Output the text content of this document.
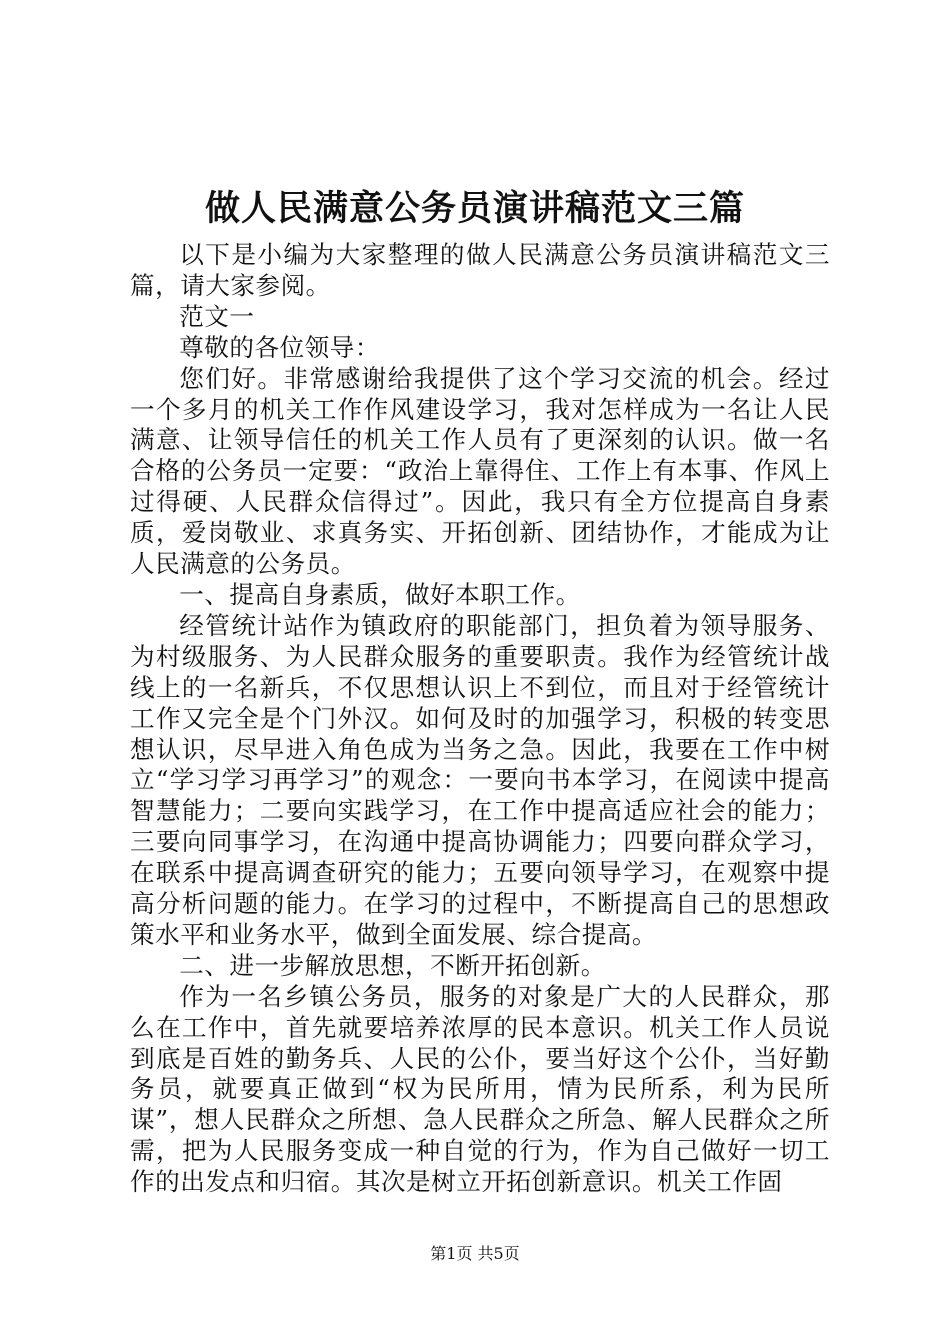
做人民满意公务员演讲稿范文三篇

以下是小编为大家整理的做人民满意公务员演讲稿范文三篇，请大家参阅。

范文一

尊敬的各位领导：

您们好。非常感谢给我提供了这个学习交流的机会。经过一个多月的机关工作作风建设学习，我对怎样成为一名让人民满意、让领导信任的机关工作人员有了更深刻的认识。做一名合格的公务员一定要：“政治上靠得住、工作上有本事、作风上过得硬、人民群众信得过”。因此，我只有全方位提高自身素质，爱岗敬业、求真务实、开拓创新、团结协作，才能成为让人民满意的公务员。

一、提高自身素质，做好本职工作。

经管统计站作为镇政府的职能部门，担负着为领导服务、为村级服务、为人民群众服务的重要职责。我作为经管统计战线上的一名新兵，不仅思想认识上不到位，而且对于经管统计工作又完全是个门外汉。如何及时的加强学习，积极的转变思想认识，尽早进入角色成为当务之急。因此，我要在工作中树立“学习学习再学习”的观念：一要向书本学习，在阅读中提高智慧能力；二要向实践学习，在工作中提高适应社会的能力；三要向同事学习，在沟通中提高协调能力；四要向群众学习，在联系中提高调查研究的能力；五要向领导学习，在观察中提高分析问题的能力。在学习的过程中，不断提高自己的思想政策水平和业务水平，做到全面发展、综合提高。

二、进一步解放思想，不断开拓创新。

作为一名乡镇公务员，服务的对象是广大的人民群众，那么在工作中，首先就要培养浓厚的民本意识。机关工作人员说到底是百姓的勤务兵、人民的公仆，要当好这个公仆，当好勤务员，就要真正做到“权为民所用，情为民所系，利为民所谋”，想人民群众之所想、急人民群众之所急、解人民群众之所需，把为人民服务变成一种自觉的行为，作为自己做好一切工作的出发点和归宿。其次是树立开拓创新意识。机关工作固

第1页 共5页
